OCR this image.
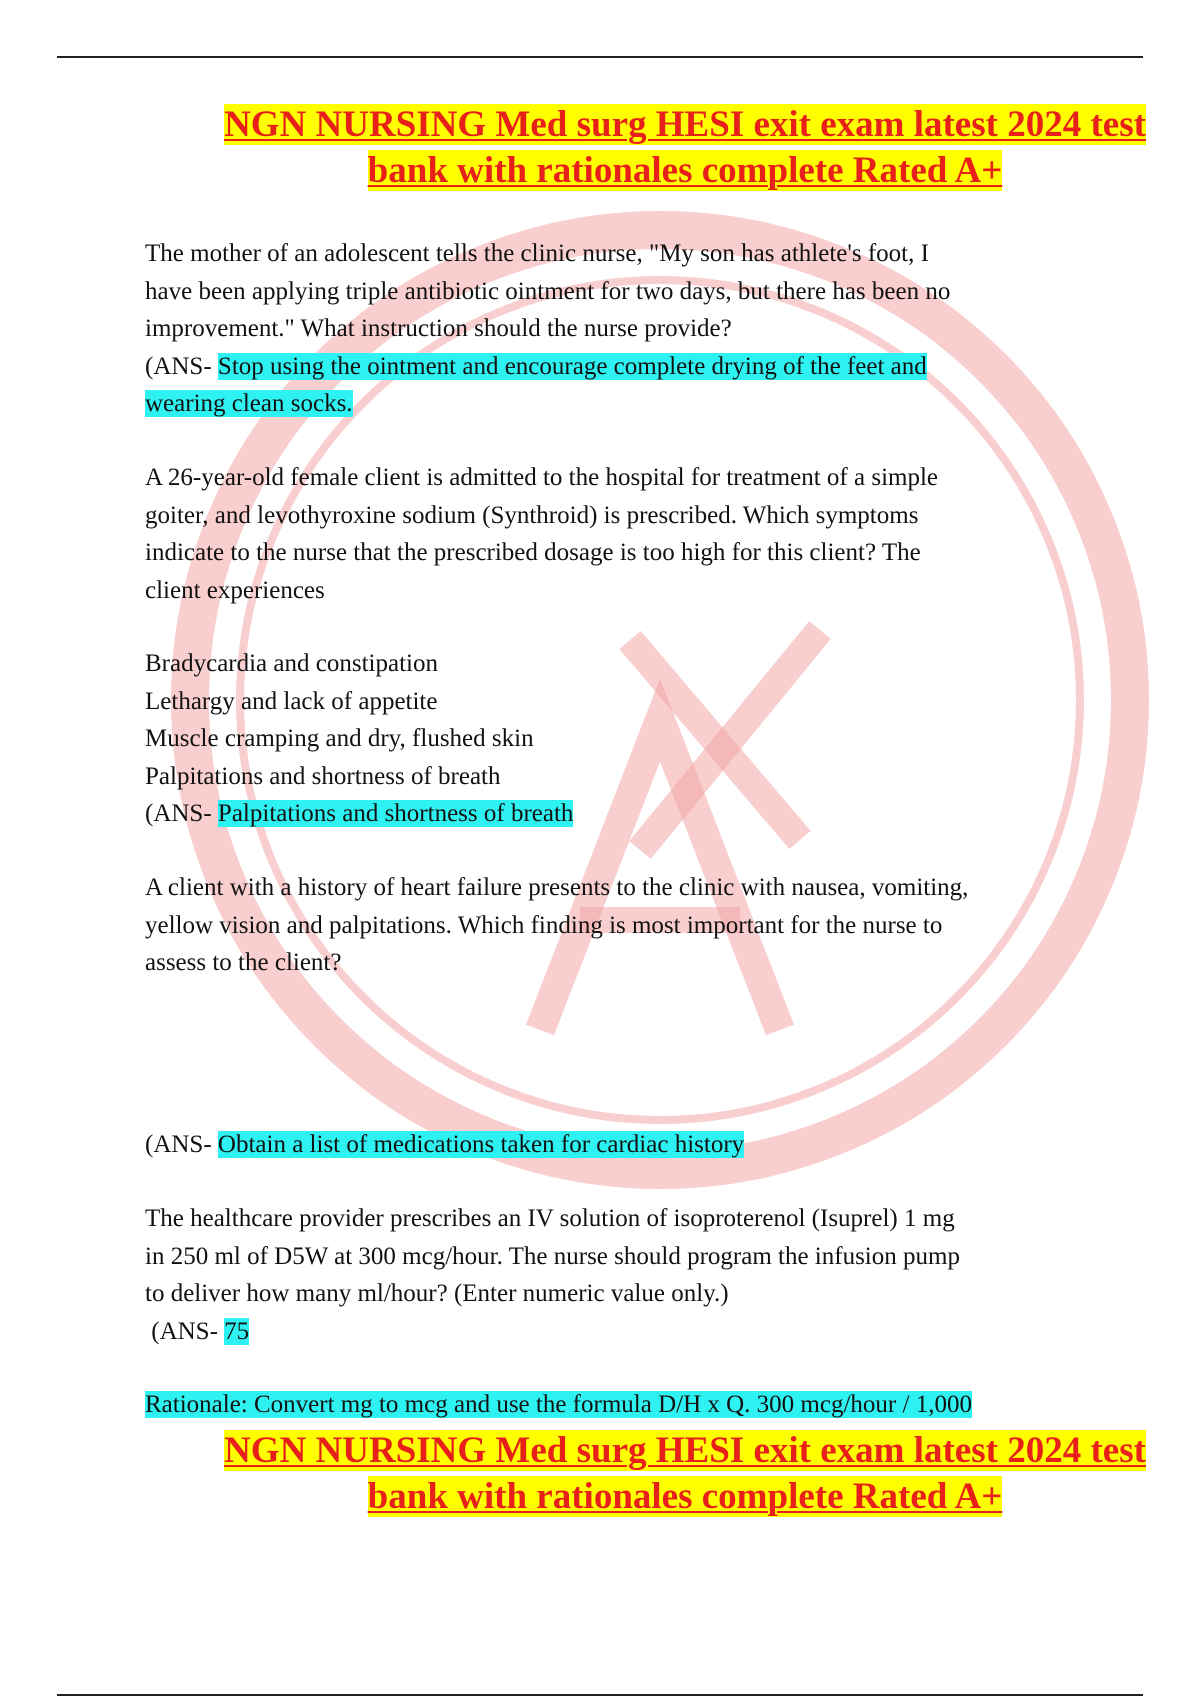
NGN NURSING Med surg HESI exit exam latest 2024 test
bank with rationales complete Rated A+
The mother of an adolescent tells the clinic nurse, "My son has athlete's foot, I
have been applying triple antibiotic ointment for two days, but there has been no
improvement." What instruction should the nurse provide?
(ANS- Stop using the ointment and encourage complete drying of the feet and
wearing clean socks.
A 26-year-old female client is admitted to the hospital for treatment of a simple
goiter, and levothyroxine sodium (Synthroid) is prescribed. Which symptoms
indicate to the nurse that the prescribed dosage is too high for this client? The
client experiences
Bradycardia and constipation
Lethargy and lack of appetite
Muscle cramping and dry, flushed skin
Palpitations and shortness of breath
(ANS- Palpitations and shortness of breath
A client with a history of heart failure presents to the clinic with nausea, vomiting,
yellow vision and palpitations. Which finding is most important for the nurse to
assess to the client?
(ANS- Obtain a list of medications taken for cardiac history
The healthcare provider prescribes an IV solution of isoproterenol (Isuprel) 1 mg
in 250 ml of D5W at 300 mcg/hour. The nurse should program the infusion pump
to deliver how many ml/hour? (Enter numeric value only.)
(ANS- 75
Rationale: Convert mg to mcg and use the formula D/H x Q. 300 mcg/hour / 1,000
NGN NURSING Med surg HESI exit exam latest 2024 test
bank with rationales complete Rated A+
